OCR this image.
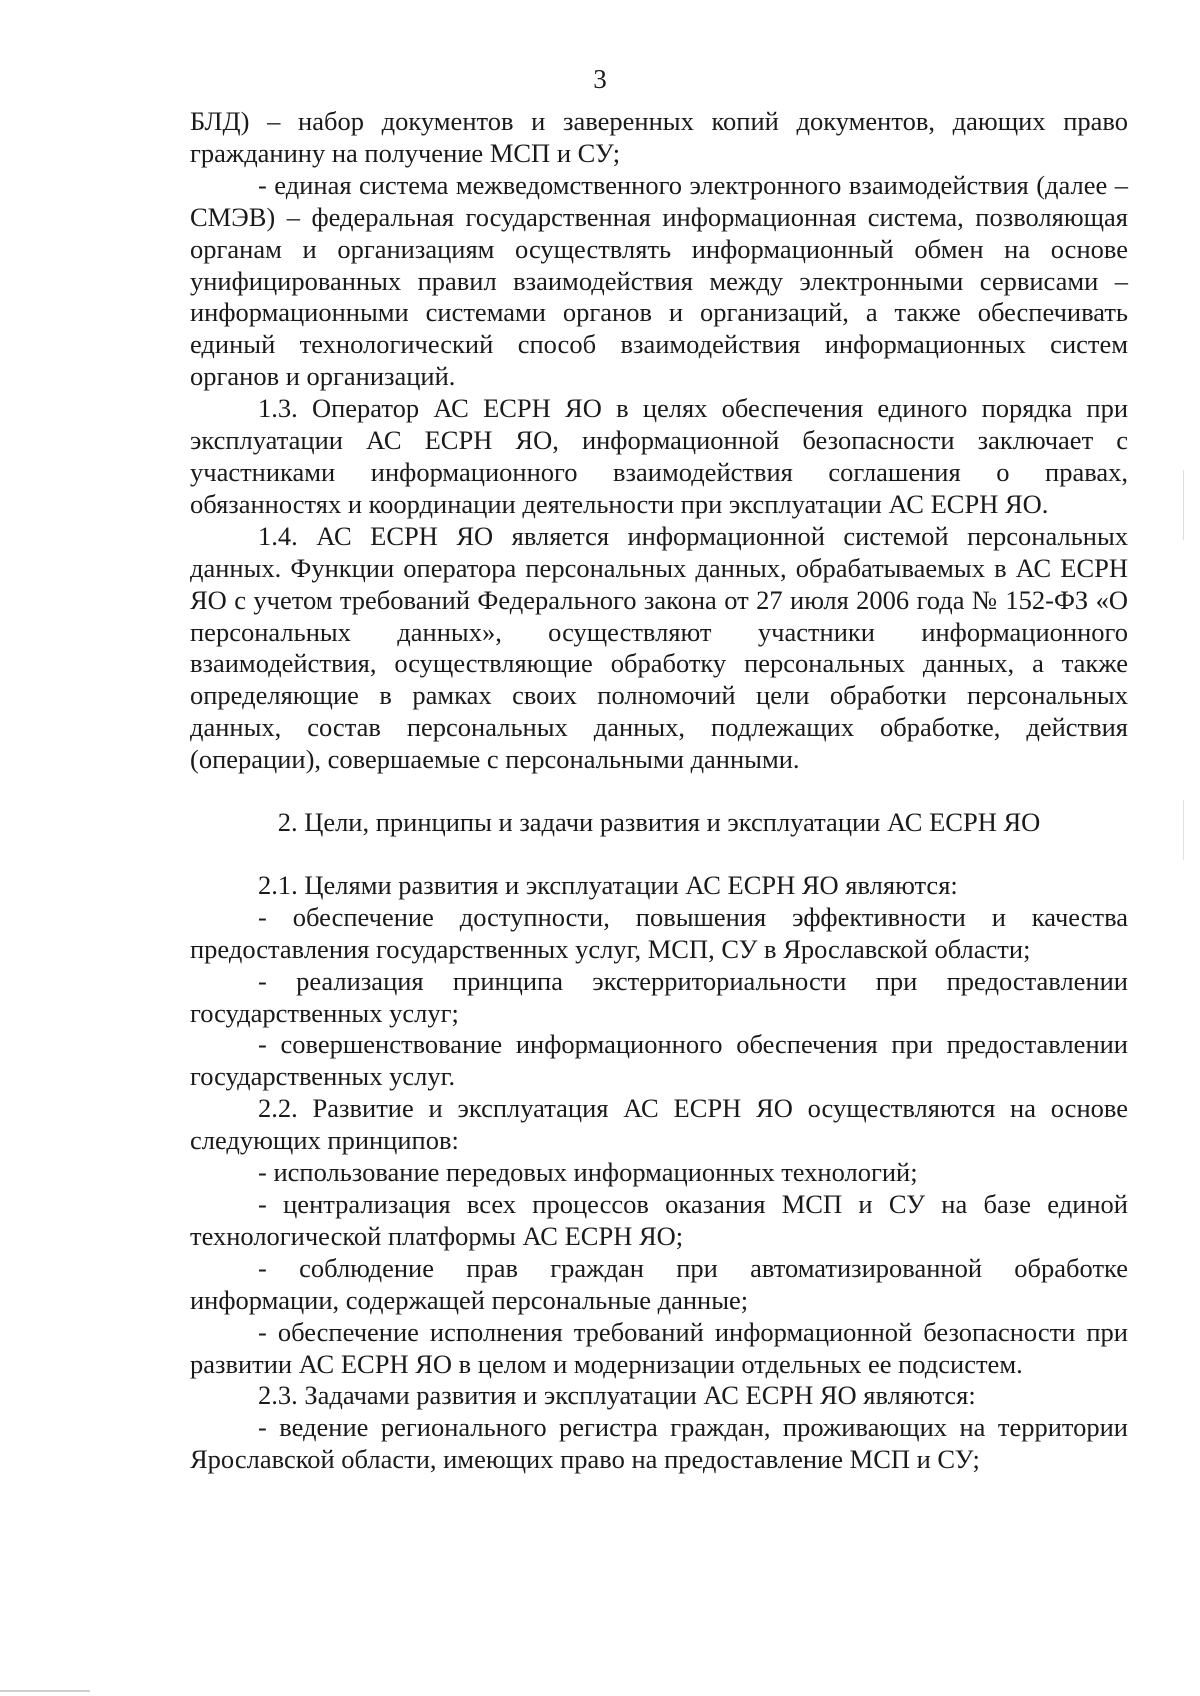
3

БЛД) – набор документов и заверенных копий документов, дающих право гражданину на получение МСП и СУ;

- единая система межведомственного электронного взаимодействия (далее – СМЭВ) – федеральная государственная информационная система, позволяющая органам и организациям осуществлять информационный обмен на основе унифицированных правил взаимодействия между электронными сервисами – информационными системами органов и организаций, а также обеспечивать единый технологический способ взаимодействия информационных систем органов и организаций.

1.3. Оператор АС ЕСРН ЯО в целях обеспечения единого порядка при эксплуатации АС ЕСРН ЯО, информационной безопасности заключает с участниками информационного взаимодействия соглашения о правах, обязанностях и координации деятельности при эксплуатации АС ЕСРН ЯО.

1.4. АС ЕСРН ЯО является информационной системой персональных данных. Функции оператора персональных данных, обрабатываемых в АС ЕСРН ЯО с учетом требований Федерального закона от 27 июля 2006 года № 152-ФЗ «О персональных данных», осуществляют участники информационного взаимодействия, осуществляющие обработку персональных данных, а также определяющие в рамках своих полномочий цели обработки персональных данных, состав персональных данных, подлежащих обработке, действия (операции), совершаемые с персональными данными.

2. Цели, принципы и задачи развития и эксплуатации АС ЕСРН ЯО

2.1. Целями развития и эксплуатации АС ЕСРН ЯО являются:

- обеспечение доступности, повышения эффективности и качества предоставления государственных услуг, МСП, СУ в Ярославской области;

- реализация принципа экстерриториальности при предоставлении государственных услуг;

- совершенствование информационного обеспечения при предоставлении государственных услуг.

2.2. Развитие и эксплуатация АС ЕСРН ЯО осуществляются на основе следующих принципов:

- использование передовых информационных технологий;

- централизация всех процессов оказания МСП и СУ на базе единой технологической платформы АС ЕСРН ЯО;

- соблюдение прав граждан при автоматизированной обработке информации, содержащей персональные данные;

- обеспечение исполнения требований информационной безопасности при развитии АС ЕСРН ЯО в целом и модернизации отдельных ее подсистем.

2.3. Задачами развития и эксплуатации АС ЕСРН ЯО являются:

- ведение регионального регистра граждан, проживающих на территории Ярославской области, имеющих право на предоставление МСП и СУ;
